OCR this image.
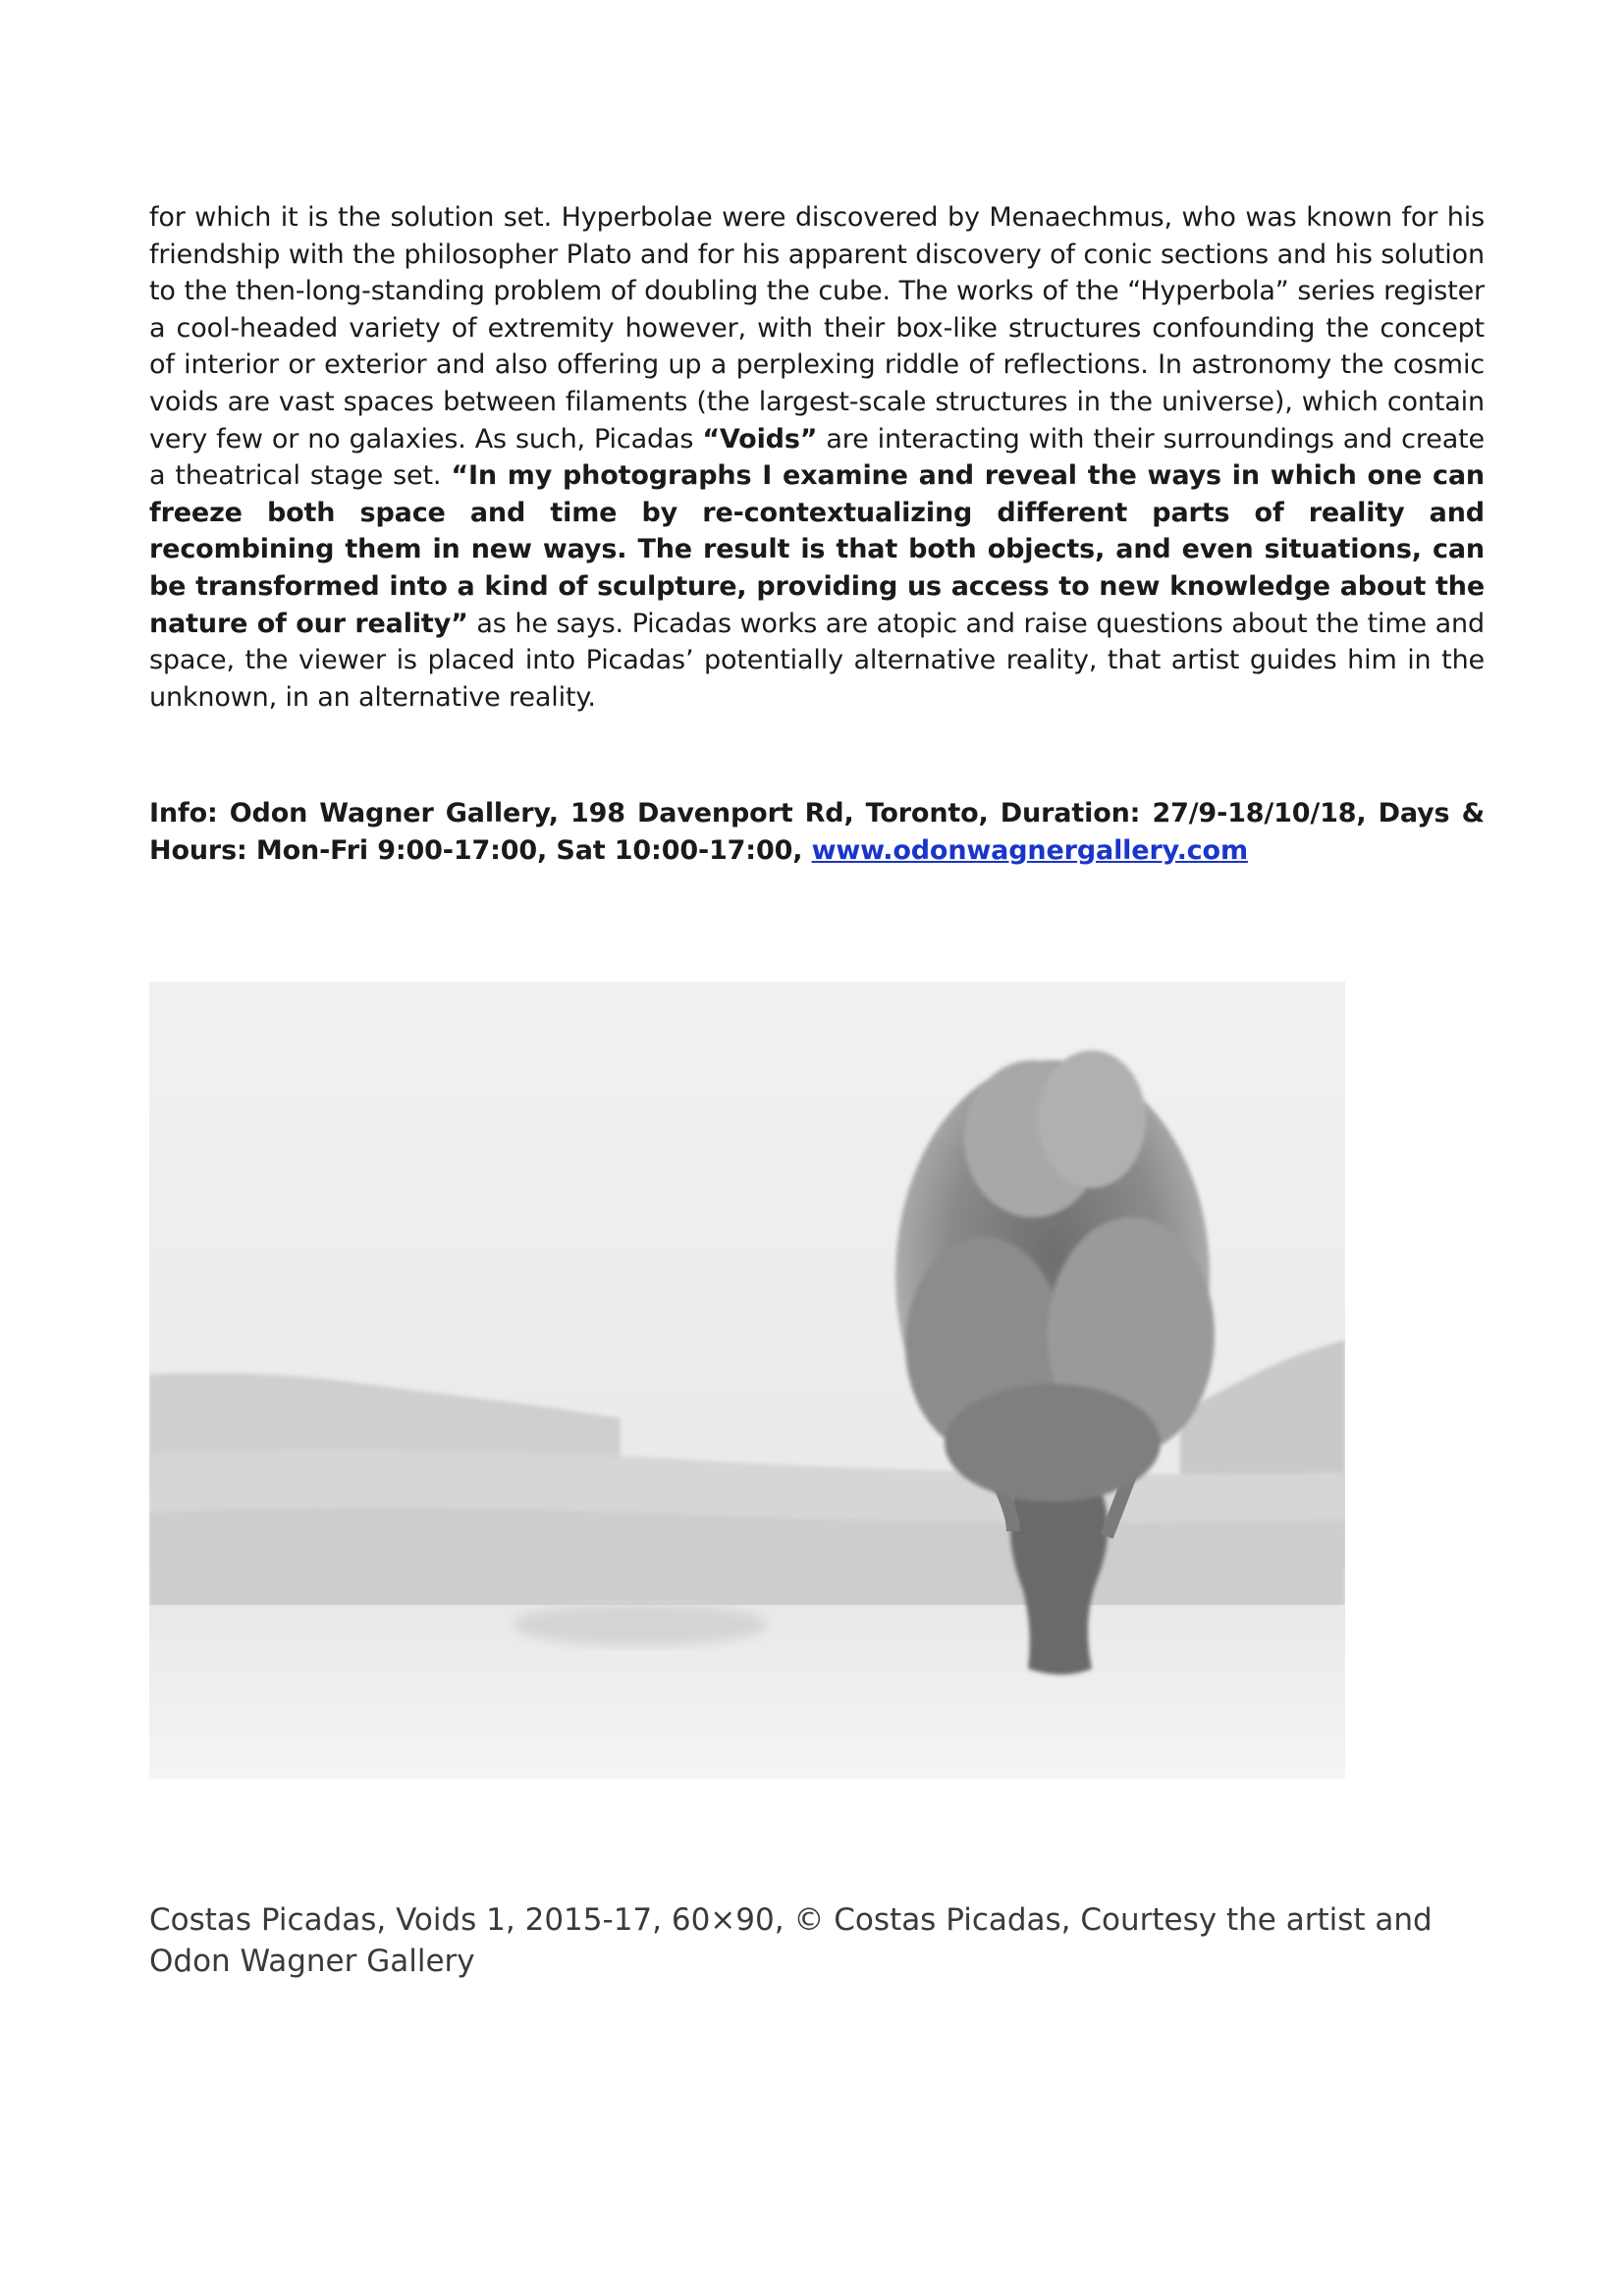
for which it is the solution set. Hyperbolae were discovered by Menaechmus, who was known for his friendship with the philosopher Plato and for his apparent discovery of conic sections and his solution to the then-long-standing problem of doubling the cube. The works of the “Hyperbola” series register a cool-headed variety of extremity however, with their box-like structures confounding the concept of interior or exterior and also offering up a perplexing riddle of reflections. In astronomy the cosmic voids are vast spaces between filaments (the largest-scale structures in the universe), which contain very few or no galaxies. As such, Picadas “Voids” are interacting with their surroundings and create a theatrical stage set. “In my photographs I examine and reveal the ways in which one can freeze both space and time by re-contextualizing different parts of reality and recombining them in new ways. The result is that both objects, and even situations, can be transformed into a kind of sculpture, providing us access to new knowledge about the nature of our reality” as he says. Picadas works are atopic and raise questions about the time and space, the viewer is placed into Picadas’ potentially alternative reality, that artist guides him in the unknown, in an alternative reality.
Info: Odon Wagner Gallery, 198 Davenport Rd, Toronto, Duration: 27/9-18/10/18, Days & Hours: Mon-Fri 9:00-17:00, Sat 10:00-17:00, www.odonwagnergallery.com
Costas Picadas, Voids 1, 2015-17, 60×90, © Costas Picadas, Courtesy the artist and
Odon Wagner Gallery
